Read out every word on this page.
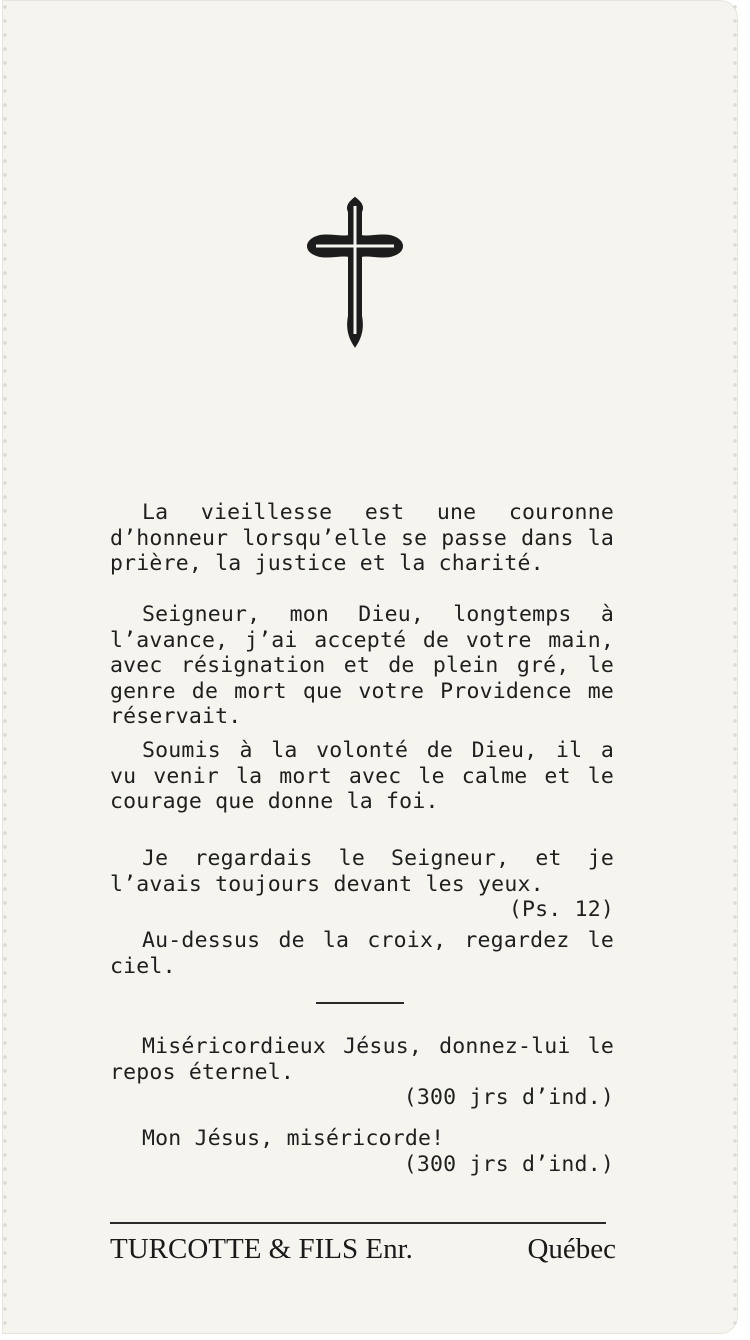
La vieillesse est une couronne d’honneur lorsqu’elle se passe dans la prière, la justice et la charité.

Seigneur, mon Dieu, longtemps à l’avance, j’ai accepté de votre main, avec résignation et de plein gré, le genre de mort que votre Providence me réservait.

Soumis à la volonté de Dieu, il a vu venir la mort avec le calme et le courage que donne la foi.

Je regardais le Seigneur, et je l’avais toujours devant les yeux.

(Ps. 12)

Au-dessus de la croix, regardez le ciel.

Miséricordieux Jésus, donnez-lui le repos éternel.

(300 jrs d’ind.)

Mon Jésus, miséricorde!

(300 jrs d’ind.)

TURCOTTE & FILS Enr.	Québec
